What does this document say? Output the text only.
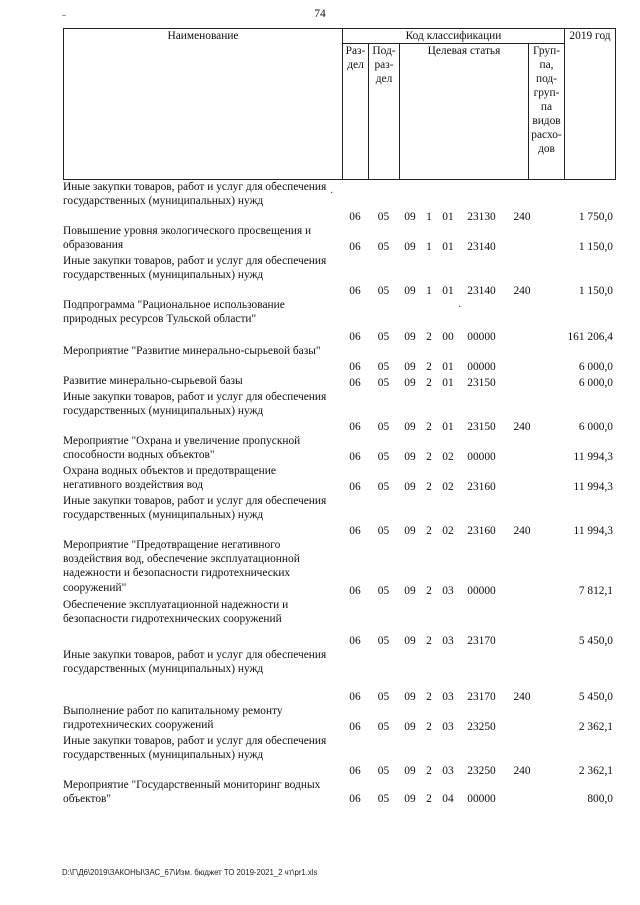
74
¨
·
·
Наименование	Код классификации				2019 год
	Раз- дел	Под- раз- дел	Целевая статья	Груп- па, под- груп- па видов расхо- дов	
Иные закупки товаров, работ и услуг для обеспечения государственных (муниципальных) нужд	06	05	09	1	01	23130	240	1 750,0
Повышение уровня экологического просвещения и образования	06	05	09	1	01	23140		1 150,0
Иные закупки товаров, работ и услуг для обеспечения государственных (муниципальных) нужд	06	05	09	1	01	23140	240	1 150,0
Подпрограмма "Рациональное использование природных ресурсов Тульской области"	06	05	09	2	00	00000		161 206,4
Мероприятие "Развитие минерально-сырьевой базы"	06	05	09	2	01	00000		6 000,0
Развитие минерально-сырьевой базы	06	05	09	2	01	23150		6 000,0
Иные закупки товаров, работ и услуг для обеспечения государственных (муниципальных) нужд	06	05	09	2	01	23150	240	6 000,0
Мероприятие "Охрана и увеличение пропускной способности водных объектов"	06	05	09	2	02	00000		11 994,3
Охрана водных объектов и предотвращение негативного воздействия вод	06	05	09	2	02	23160		11 994,3
Иные закупки товаров, работ и услуг для обеспечения государственных (муниципальных) нужд	06	05	09	2	02	23160	240	11 994,3
Мероприятие "Предотвращение негативного воздействия вод, обеспечение эксплуатационной надежности и безопасности гидротехнических сооружений"	06	05	09	2	03	00000		7 812,1
Обеспечение эксплуатационной надежности и безопасности гидротехнических сооружений	06	05	09	2	03	23170		5 450,0
Иные закупки товаров, работ и услуг для обеспечения государственных (муниципальных) нужд	06	05	09	2	03	23170	240	5 450,0
Выполнение работ по капитальному ремонту гидротехнических сооружений	06	05	09	2	03	23250		2 362,1
Иные закупки товаров, работ и услуг для обеспечения государственных (муниципальных) нужд	06	05	09	2	03	23250	240	2 362,1
Мероприятие "Государственный мониторинг водных объектов"	06	05	09	2	04	00000		800,0
D:\Г\Д6\2019\ЗАКОНЫ\ЗАС_67\Изм. бюджет ТО 2019-2021_2 чт\pr1.xls
